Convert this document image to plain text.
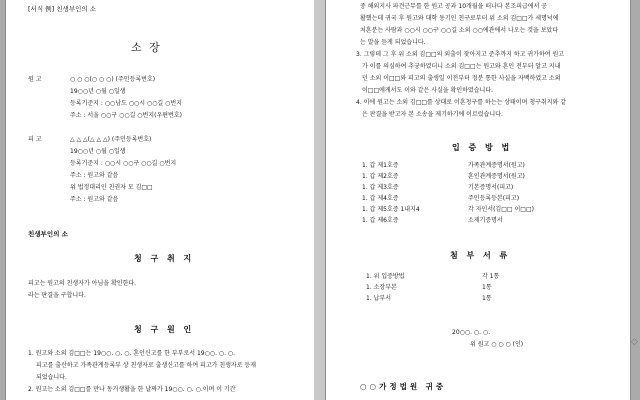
[서식 例] 친생부인의 소
소 장
원 고	○ ○ ○(○ ○ ○) (주민등록번호)
19○○년 ○월 ○일생
등록기준지 : ○○남도 ○○시 ○○길 ○번지
주소 : 서울 ○○구 ○○길 ○번지(우편번호)
피 고	△ △ △(△ △ △) (주민등록번호)
19○○년 ○월 ○일생
등록기준지 : ○○시 ○○구 ○○길 ○번지
주소 : 원고와 같음
위 법정대리인 친권자 모 김□□
주소 : 원고와 같음
친생부인의 소
청 구 취 지
피고는 원고의 친생자가 아님을 확인한다.
라는 판결을 구합니다.
청 구 원 인
1. 원고와 소외 김□□는 19○○. ○. ○. 혼인신고를 한 부부로서 19○○. ○. ○.
피고를 출산하고 가족관계등록부 상 친생자로 출생신고를 하여 피고가 친생자로 등재
되었습니다.
2. 원고는 소외 김□□를 만나 동거생활을 한 날짜가 19○○. ○. ○.이며 이 기간
중 해외지사 파견근무를 한 원고 공과 10개월을 떠나다 본조피급에서 공
활했는데 귀국 후 원고와 대학 동기인 친구로부터 위 소외 김□□가 세명넉에
처혼분는 사람과 ○○시 ○○구 ○○길 소외 ○○에관에서 나오는 것을 보았다
는 말을 듣게 되었습니다.
3. 그렇데 그 후 위 소외 김□□의 외출이 잦아지고 준추까지 하고 귀가하여 원고
가 이를 의심하여 추궁하였더니 소외 김□□는 원고와 혼인 전부터 알고 지내
던 소외 이□□와 피고의 출생일 이전부터 정분 통한 사실을 자백하였고 소외
이□□에게서도 이와 같은 사실을 확인하였습니다.
4. 이에 원고는 소외 김□□를 상대로 이혼청구를 하는는 상태이며 청구취지와 같
은 판결을 받고자 본 소송을 제기하기에 이르렀습니다.
입 증 방 법
1. 갑 제1호증	가족관계증명서(원고)
1. 갑 제2호증	혼인관계증명서(원고)
1. 갑 제3호증	기본증명서(피고)
1. 갑 제4호증	주민등록등본(피고)
1. 갑 제5호증 1내지4	각 자인서(김□□ 이□□)
1. 갑 제6호증	소제기증명서
첨 부 서 류
1. 위 입증방법	각 1통
1. 소장부본	1통
1. 납부서	1통
20○○. ○. ○.
위 원고 ○ ○ ○ (인)
○○가정법원 귀중
◇
